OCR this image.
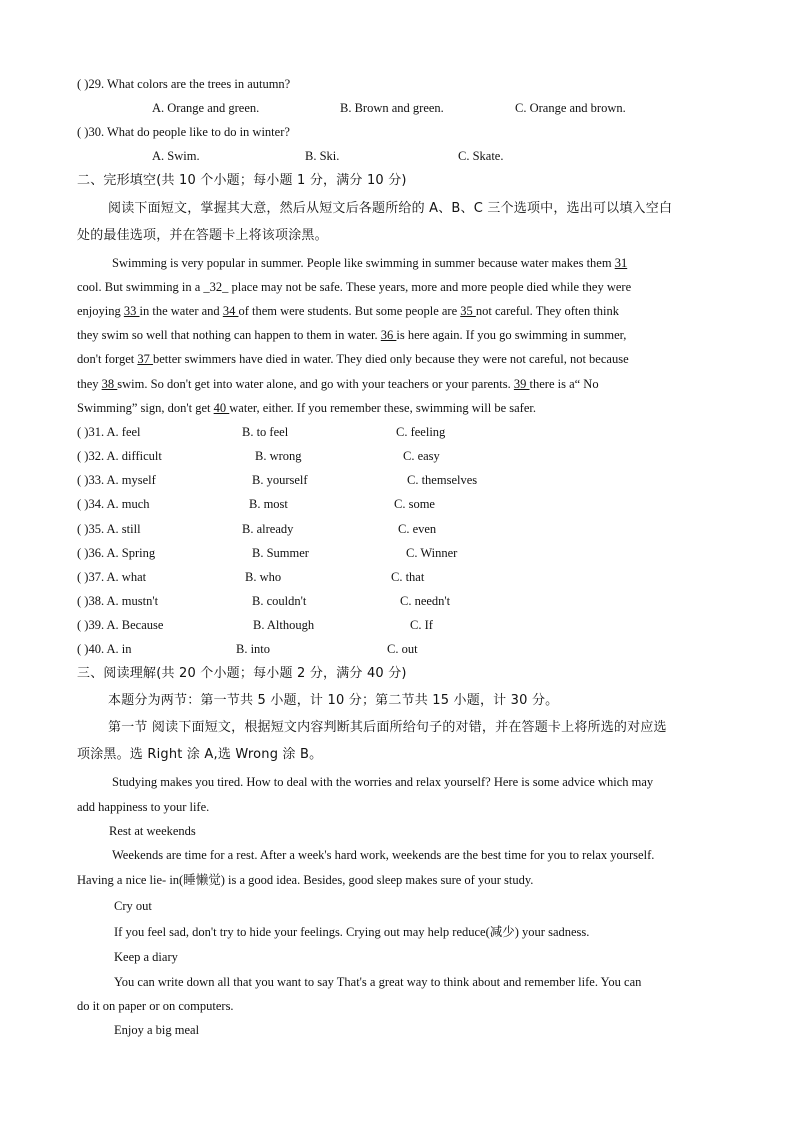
( )29. What colors are the trees in autumn?
A. Orange and green.	B. Brown and green.	C. Orange and brown.
( )30. What do people like to do in winter?
A. Swim.	B. Ski.	C. Skate.
二、完形填空(共 10 个小题；每小题 1 分，满分 10 分)
阅读下面短文，掌握其大意，然后从短文后各题所给的 A、B、C 三个选项中，选出可以填入空白
处的最佳选项，并在答题卡上将该项涂黑。
Swimming is very popular in summer. People like swimming in summer because water makes them 31
cool. But swimming in a _32_ place may not be safe. These years, more and more people died while they were
enjoying 33 in the water and 34 of them were students. But some people are 35 not careful. They often think
they swim so well that nothing can happen to them in water. 36 is here again. If you go swimming in summer,
don't forget 37 better swimmers have died in water. They died only because they were not careful, not because
they 38 swim. So don't get into water alone, and go with your teachers or your parents. 39 there is a“ No
Swimming” sign, don't get 40 water, either. If you remember these, swimming will be safer.
( )31. A. feel	B. to feel	C. feeling
( )32. A. difficult	B. wrong	C. easy
( )33. A. myself	B. yourself	C. themselves
( )34. A. much	B. most	C. some
( )35. A. still	B. already	C. even
( )36. A. Spring	B. Summer	C. Winner
( )37. A. what	B. who	C. that
( )38. A. mustn't	B. couldn't	C. needn't
( )39. A. Because	B. Although	C. If
( )40. A. in	B. into	C. out
三、阅读理解(共 20 个小题；每小题 2 分，满分 40 分)
本题分为两节：第一节共 5 小题，计 10 分；第二节共 15 小题，计 30 分。
第一节 阅读下面短文，根据短文内容判断其后面所给句子的对错，并在答题卡上将所选的对应选
项涂黑。选 Right 涂 A,选 Wrong 涂 B。
Studying makes you tired. How to deal with the worries and relax yourself? Here is some advice which may
add happiness to your life.
Rest at weekends
Weekends are time for a rest. After a week's hard work, weekends are the best time for you to relax yourself.
Having a nice lie- in(睡懒觉) is a good idea. Besides, good sleep makes sure of your study.
Cry out
If you feel sad, don't try to hide your feelings. Crying out may help reduce(减少) your sadness.
Keep a diary
You can write down all that you want to say That's a great way to think about and remember life. You can
do it on paper or on computers.
Enjoy a big meal
